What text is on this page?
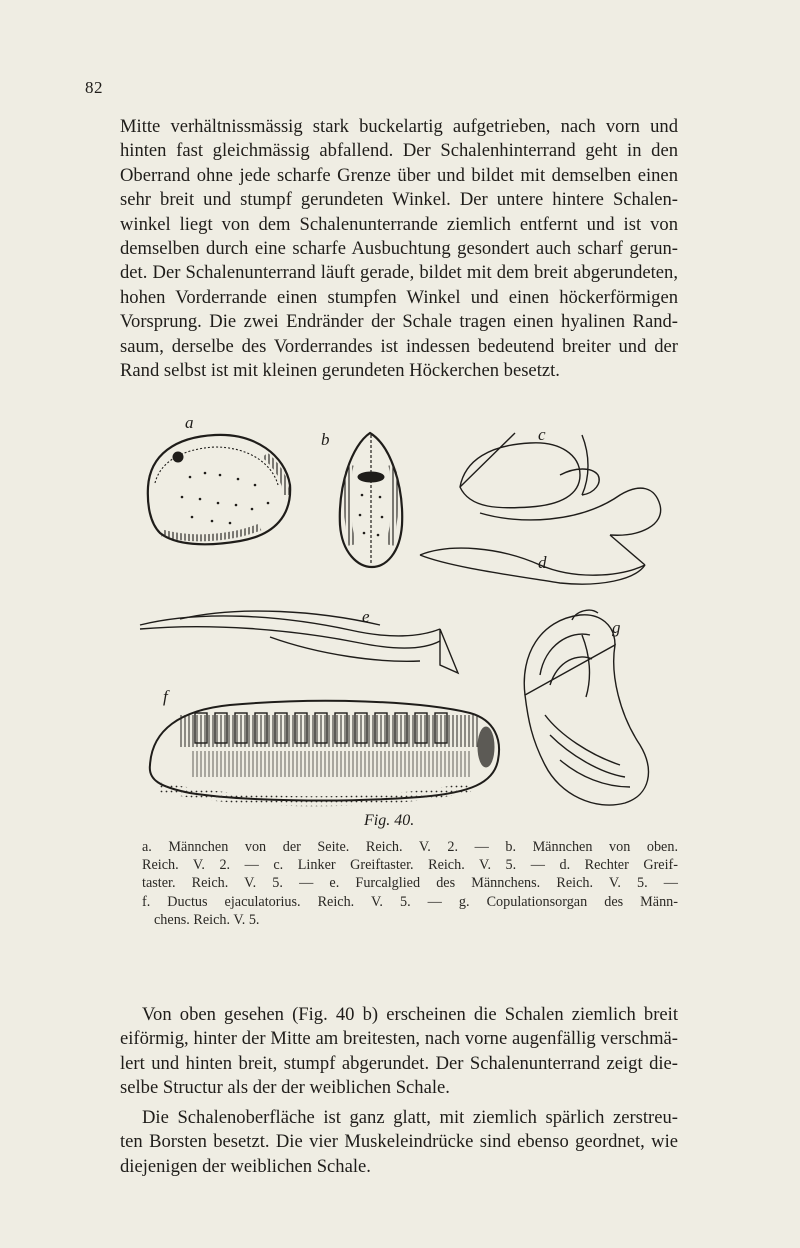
82
Mitte verhältnissmässig stark buckelartig aufgetrieben, nach vorn und
hinten fast gleichmässig abfallend. Der Schalenhinterrand geht in den
Oberrand ohne jede scharfe Grenze über und bildet mit demselben einen
sehr breit und stumpf gerundeten Winkel. Der untere hintere Schalen-
winkel liegt von dem Schalenunterrande ziemlich entfernt und ist von
demselben durch eine scharfe Ausbuchtung gesondert auch scharf gerun-
det. Der Schalenunterrand läuft gerade, bildet mit dem breit abgerundeten,
hohen Vorderrande einen stumpfen Winkel und einen höckerförmigen
Vorsprung. Die zwei Endränder der Schale tragen einen hyalinen Rand-
saum, derselbe des Vorderrandes ist indessen bedeutend breiter und der
Rand selbst ist mit kleinen gerundeten Höckerchen besetzt.
a
b	c
d
e
f
g
Fig. 40.
a. Männchen von der Seite. Reich. V. 2. — b. Männchen von oben.
Reich. V. 2. — c. Linker Greiftaster. Reich. V. 5. — d. Rechter Greif-
taster. Reich. V. 5. — e. Furcalglied des Männchens. Reich. V. 5. —
f. Ductus ejaculatorius. Reich. V. 5. — g. Copulationsorgan des Männ-
chens. Reich. V. 5.
Von oben gesehen (Fig. 40 b) erscheinen die Schalen ziemlich breit
eiförmig, hinter der Mitte am breitesten, nach vorne augenfällig verschmä-
lert und hinten breit, stumpf abgerundet. Der Schalenunterrand zeigt die-
selbe Structur als der der weiblichen Schale.
Die Schalenoberfläche ist ganz glatt, mit ziemlich spärlich zerstreu-
ten Borsten besetzt. Die vier Muskeleindrücke sind ebenso geordnet, wie
diejenigen der weiblichen Schale.
